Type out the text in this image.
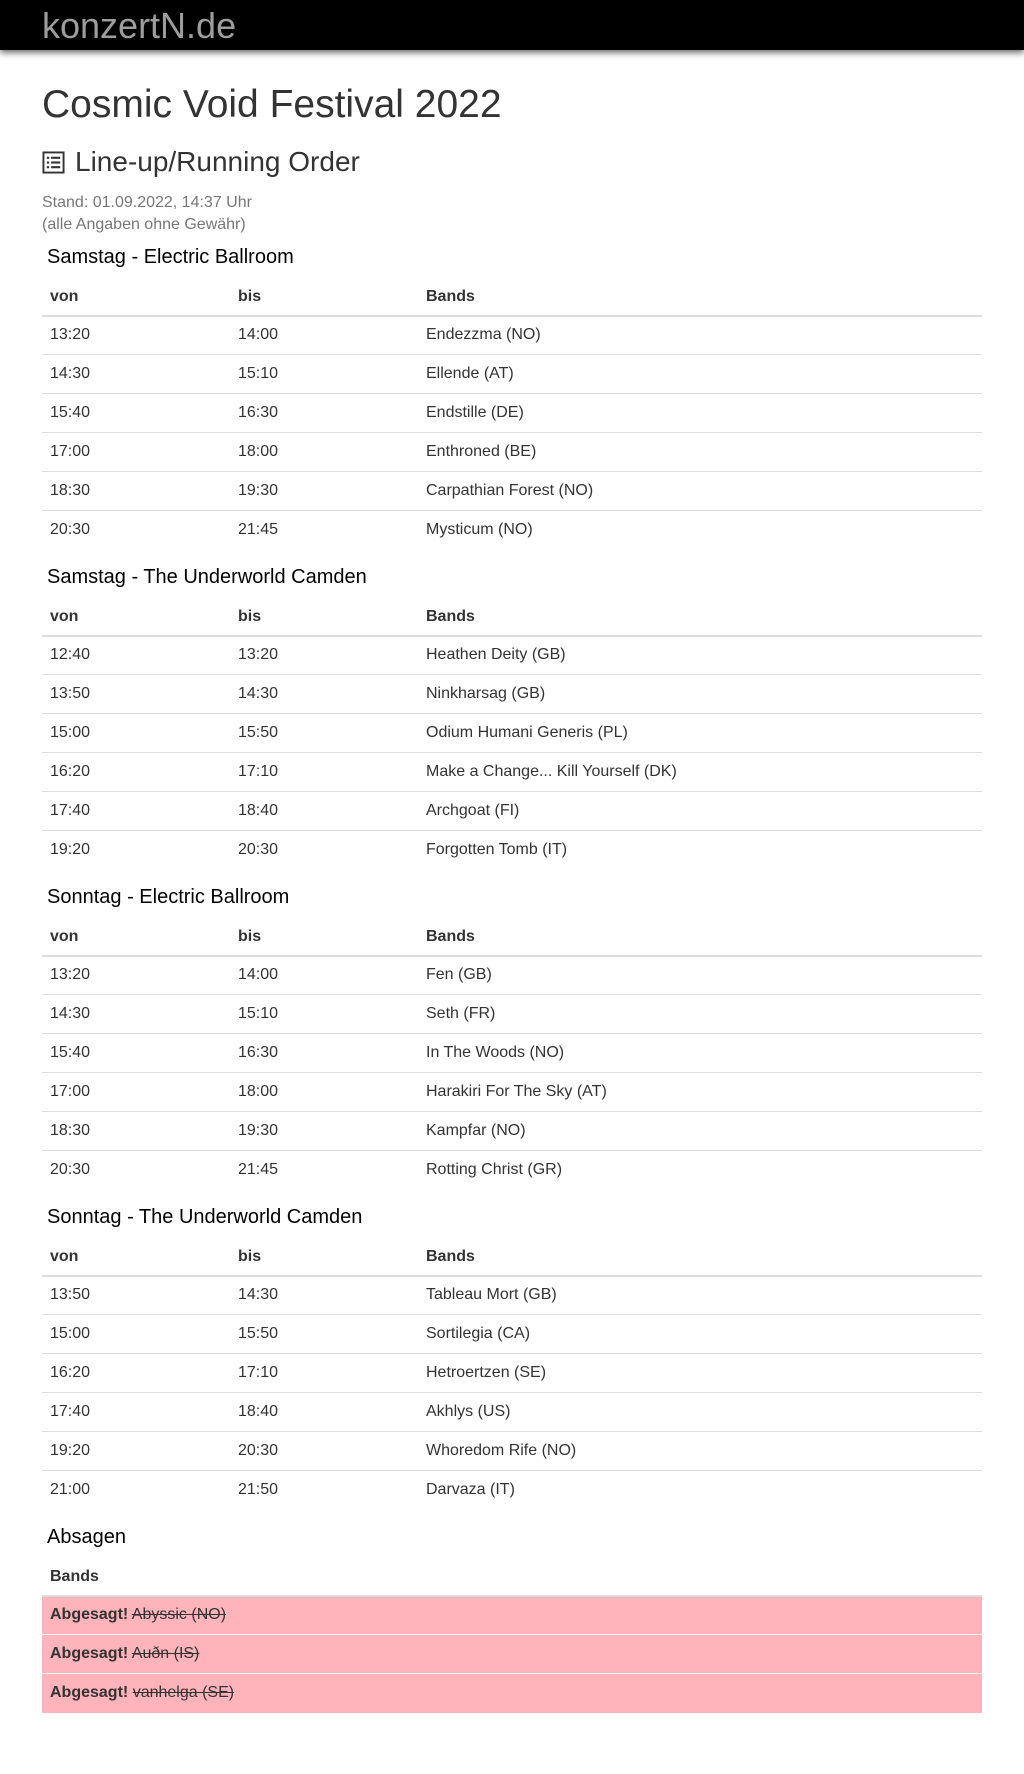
konzertN.de
Cosmic Void Festival 2022
Line-up/Running Order
Stand: 01.09.2022, 14:37 Uhr
(alle Angaben ohne Gewähr)
Samstag - Electric Ballroom
von	bis	Bands
13:20	14:00	Endezzma (NO)
14:30	15:10	Ellende (AT)
15:40	16:30	Endstille (DE)
17:00	18:00	Enthroned (BE)
18:30	19:30	Carpathian Forest (NO)
20:30	21:45	Mysticum (NO)
Samstag - The Underworld Camden
von	bis	Bands
12:40	13:20	Heathen Deity (GB)
13:50	14:30	Ninkharsag (GB)
15:00	15:50	Odium Humani Generis (PL)
16:20	17:10	Make a Change... Kill Yourself (DK)
17:40	18:40	Archgoat (FI)
19:20	20:30	Forgotten Tomb (IT)
Sonntag - Electric Ballroom
von	bis	Bands
13:20	14:00	Fen (GB)
14:30	15:10	Seth (FR)
15:40	16:30	In The Woods (NO)
17:00	18:00	Harakiri For The Sky (AT)
18:30	19:30	Kampfar (NO)
20:30	21:45	Rotting Christ (GR)
Sonntag - The Underworld Camden
von	bis	Bands
13:50	14:30	Tableau Mort (GB)
15:00	15:50	Sortilegia (CA)
16:20	17:10	Hetroertzen (SE)
17:40	18:40	Akhlys (US)
19:20	20:30	Whoredom Rife (NO)
21:00	21:50	Darvaza (IT)
Absagen
Bands
Abgesagt! Abyssic (NO)
Abgesagt! Auðn (IS)
Abgesagt! vanhelga (SE)
